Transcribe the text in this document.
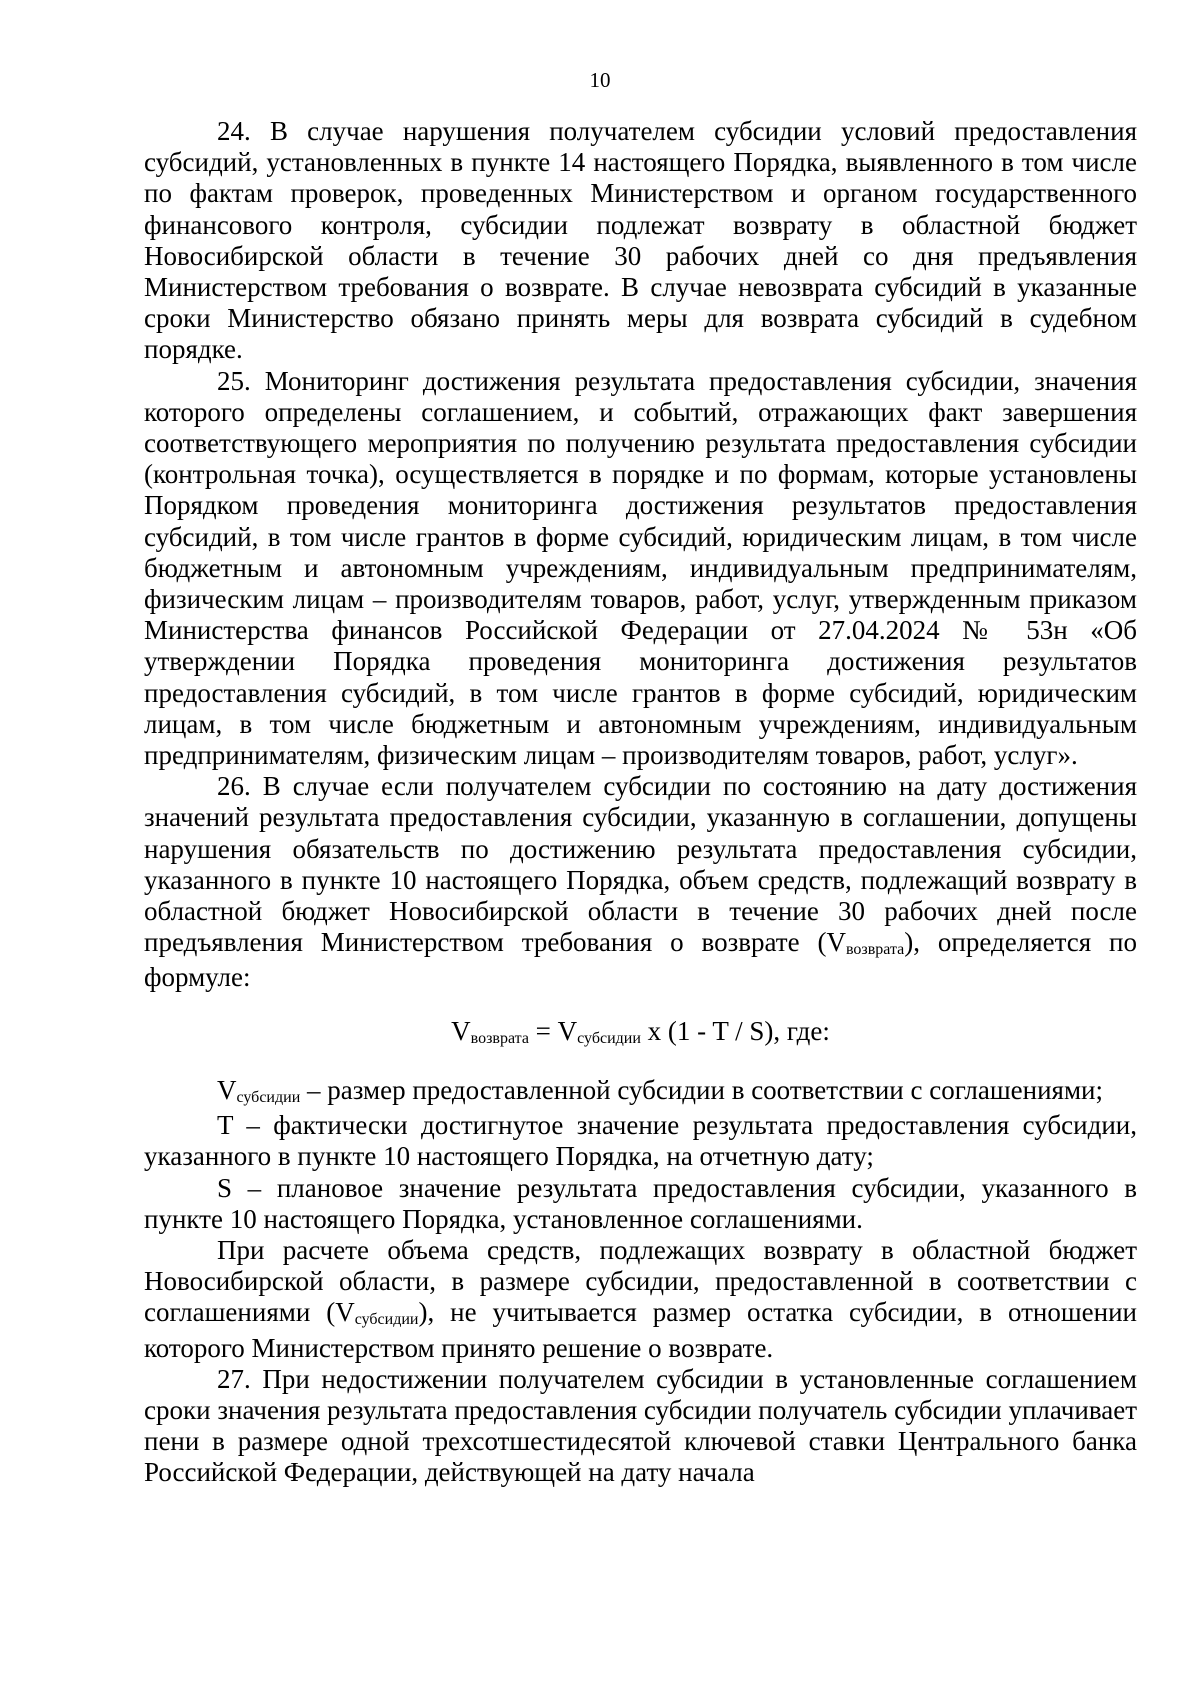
10

24. В случае нарушения получателем субсидии условий предоставления субсидий, установленных в пункте 14 настоящего Порядка, выявленного в том числе по фактам проверок, проведенных Министерством и органом государственного финансового контроля, субсидии подлежат возврату в областной бюджет Новосибирской области в течение 30 рабочих дней со дня предъявления Министерством требования о возврате. В случае невозврата субсидий в указанные сроки Министерство обязано принять меры для возврата субсидий в судебном порядке.

25. Мониторинг достижения результата предоставления субсидии, значения которого определены соглашением, и событий, отражающих факт завершения соответствующего мероприятия по получению результата предоставления субсидии (контрольная точка), осуществляется в порядке и по формам, которые установлены Порядком проведения мониторинга достижения результатов предоставления субсидий, в том числе грантов в форме субсидий, юридическим лицам, в том числе бюджетным и автономным учреждениям, индивидуальным предпринимателям, физическим лицам – производителям товаров, работ, услуг, утвержденным приказом Министерства финансов Российской Федерации от 27.04.2024 № 53н «Об утверждении Порядка проведения мониторинга достижения результатов предоставления субсидий, в том числе грантов в форме субсидий, юридическим лицам, в том числе бюджетным и автономным учреждениям, индивидуальным предпринимателям, физическим лицам – производителям товаров, работ, услуг».

26. В случае если получателем субсидии по состоянию на дату достижения значений результата предоставления субсидии, указанную в соглашении, допущены нарушения обязательств по достижению результата предоставления субсидии, указанного в пункте 10 настоящего Порядка, объем средств, подлежащий возврату в областной бюджет Новосибирской области в течение 30 рабочих дней после предъявления Министерством требования о возврате (Vвозврата), определяется по формуле:

Vвозврата = Vсубсидии x (1 - T / S), где:

Vсубсидии – размер предоставленной субсидии в соответствии с соглашениями;

T – фактически достигнутое значение результата предоставления субсидии, указанного в пункте 10 настоящего Порядка, на отчетную дату;

S – плановое значение результата предоставления субсидии, указанного в пункте 10 настоящего Порядка, установленное соглашениями.

При расчете объема средств, подлежащих возврату в областной бюджет Новосибирской области, в размере субсидии, предоставленной в соответствии с соглашениями (Vсубсидии), не учитывается размер остатка субсидии, в отношении которого Министерством принято решение о возврате.

27. При недостижении получателем субсидии в установленные соглашением сроки значения результата предоставления субсидии получатель субсидии уплачивает пени в размере одной трехсотшестидесятой ключевой ставки Центрального банка Российской Федерации, действующей на дату начала
